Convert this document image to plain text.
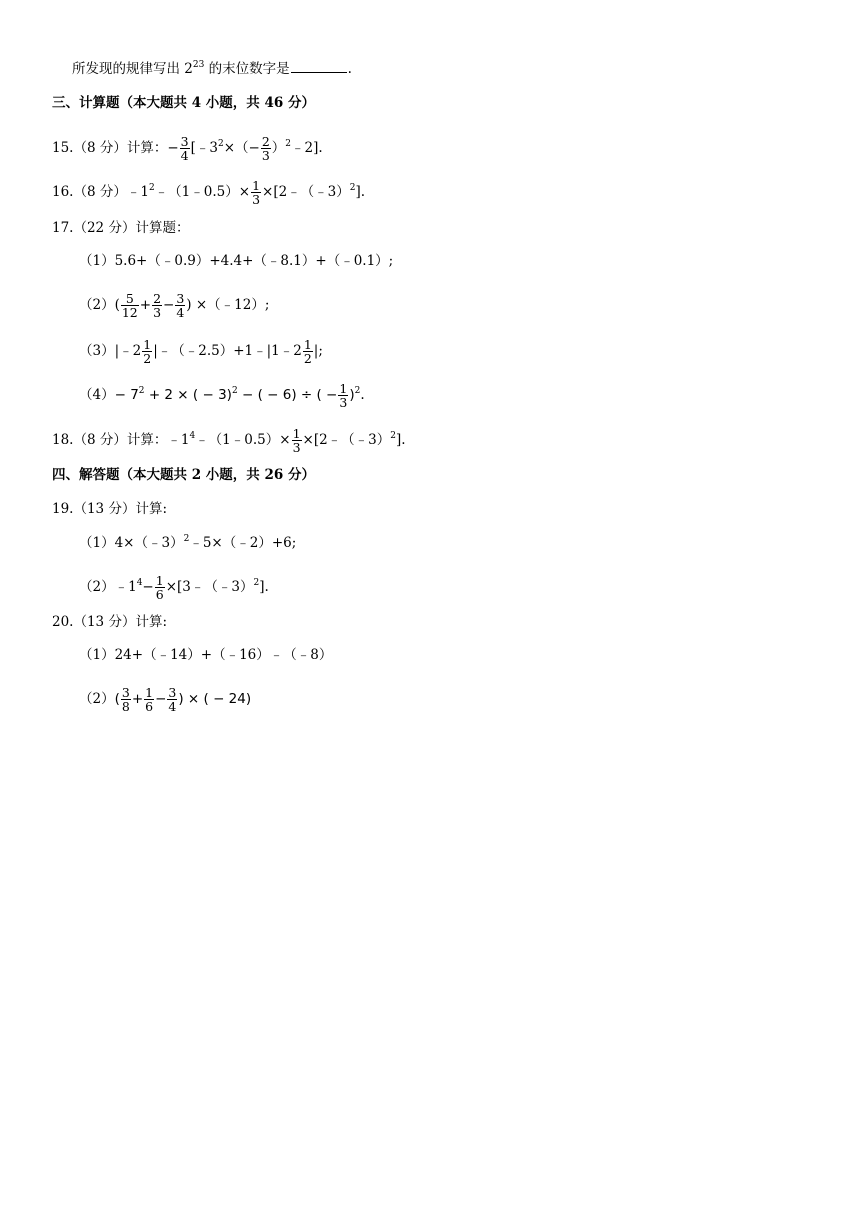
所发现的规律写出 $2^{23}$ 的末位数字是	.
三、计算题（本大题共 4 小题，共 46 分）
15.（8 分）计算：− $\frac{3}{4}$ [$﹣3^2\times(- \frac{2}{3}$ ）$^2$﹣2].
16.（8 分）$﹣1^2﹣(1﹣0.5)\times \frac{1}{3}$ ×[2﹣（﹣3）$^2$].
17.（22 分）计算题：
（1）5.6+（﹣0.9）+4.4+（﹣8.1）+（﹣0.1）;
$(2)( \frac{5}{12} + \frac{2}{3} - \frac{3}{4}$ ) ×（﹣12）;
（3）|﹣2 $\frac{1}{2}$ |﹣（﹣2.5）+1﹣|1﹣2 $\frac{1}{2}$ |;
$(4)- 7^2 + 2$ × ( − 3)$^2$ − ( − 6) ÷ ( − $\frac{1}{3} )^2$.
18.（8 分）计算：$﹣1^4﹣(1﹣0.5)\times \frac{1}{3}$ ×[2﹣（﹣3）$^2$].
四、解答题（本大题共 2 小题，共 26 分）
19.（13 分）计算:
（1）4×（﹣3）$^2$﹣5×（﹣2）+6;
$(2)﹣1^4- \frac{1}{6}$ ×[3﹣（﹣3）$^2$].
20.（13 分）计算:
（1）24+（﹣14）+（﹣16）﹣（﹣8）
$(2)( \frac{3}{8} + \frac{1}{6} - \frac{3}{4}$ ) × ( − 24)
